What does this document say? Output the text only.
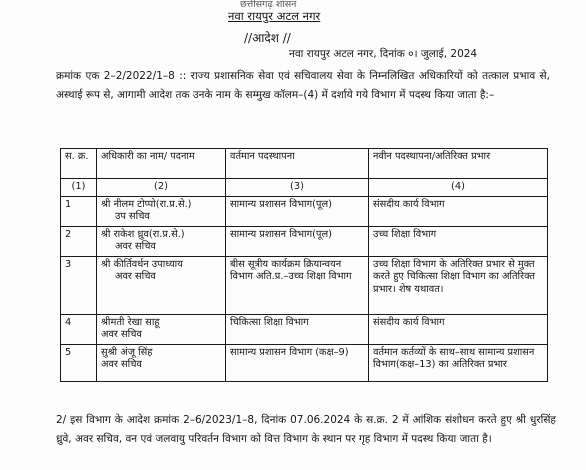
छत्तीसगढ़ शासन
नवा रायपुर अटल नगर
//आदेश //
नवा रायपुर अटल नगर, दिनांक ०। जुलाई, 2024
क्रमांक एक 2–2/2022/1–8 :: राज्य प्रशासनिक सेवा एवं सचिवालय सेवा के निम्नलिखित अधिकारियों को तत्काल प्रभाव से, अस्थाई रूप से, आगामी आदेश तक उनके नाम के सम्मुख कॉलम–(4) में दर्शाये गये विभाग में पदस्थ किया जाता है:–
स. क्र.	अधिकारी का नाम/ पदनाम	वर्तमान पदस्थापना	नवीन पदस्थापना/अतिरिक्त प्रभार
(1)	(2)	(3)	(4)
1	श्री नीलम टोप्पो(रा.प्र.से.)
उप सचिव	सामान्य प्रशासन विभाग(पूल)	संसदीय कार्य विभाग
2	श्री राकेश ध्रुव(रा.प्र.से.)
अवर सचिव	सामान्य प्रशासन विभाग(पूल)	उच्च शिक्षा विभाग
3	श्री कीर्तिवर्धन उपाध्याय
अवर सचिव	बीस सूत्रीय कार्यक्रम क्रियान्वयन विभाग अति.प्र.–उच्च शिक्षा विभाग	उच्च शिक्षा विभाग के अतिरिक्त प्रभार से मुक्त करते हुए चिकित्सा शिक्षा विभाग का अतिरिक्त प्रभार। शेष यथावत।
4	श्रीमती रेखा साहू
अवर सचिव	चिकित्सा शिक्षा विभाग	संसदीय कार्य विभाग
5	सुश्री अंजू सिंह
अवर सचिव	सामान्य प्रशासन विभाग (कक्ष–9)	वर्तमान कर्तव्यों के साथ–साथ सामान्य प्रशासन विभाग(कक्ष–13) का अतिरिक्त प्रभार
2/ इस विभाग के आदेश क्रमांक 2–6/2023/1–8, दिनांक 07.06.2024 के स.क्र. 2 में आंशिक संशोधन करते हुए श्री धुरसिंह ध्रुवे, अवर सचिव, वन एवं जलवायु परिवर्तन विभाग को वित्त विभाग के स्थान पर गृह विभाग में पदस्थ किया जाता है।
